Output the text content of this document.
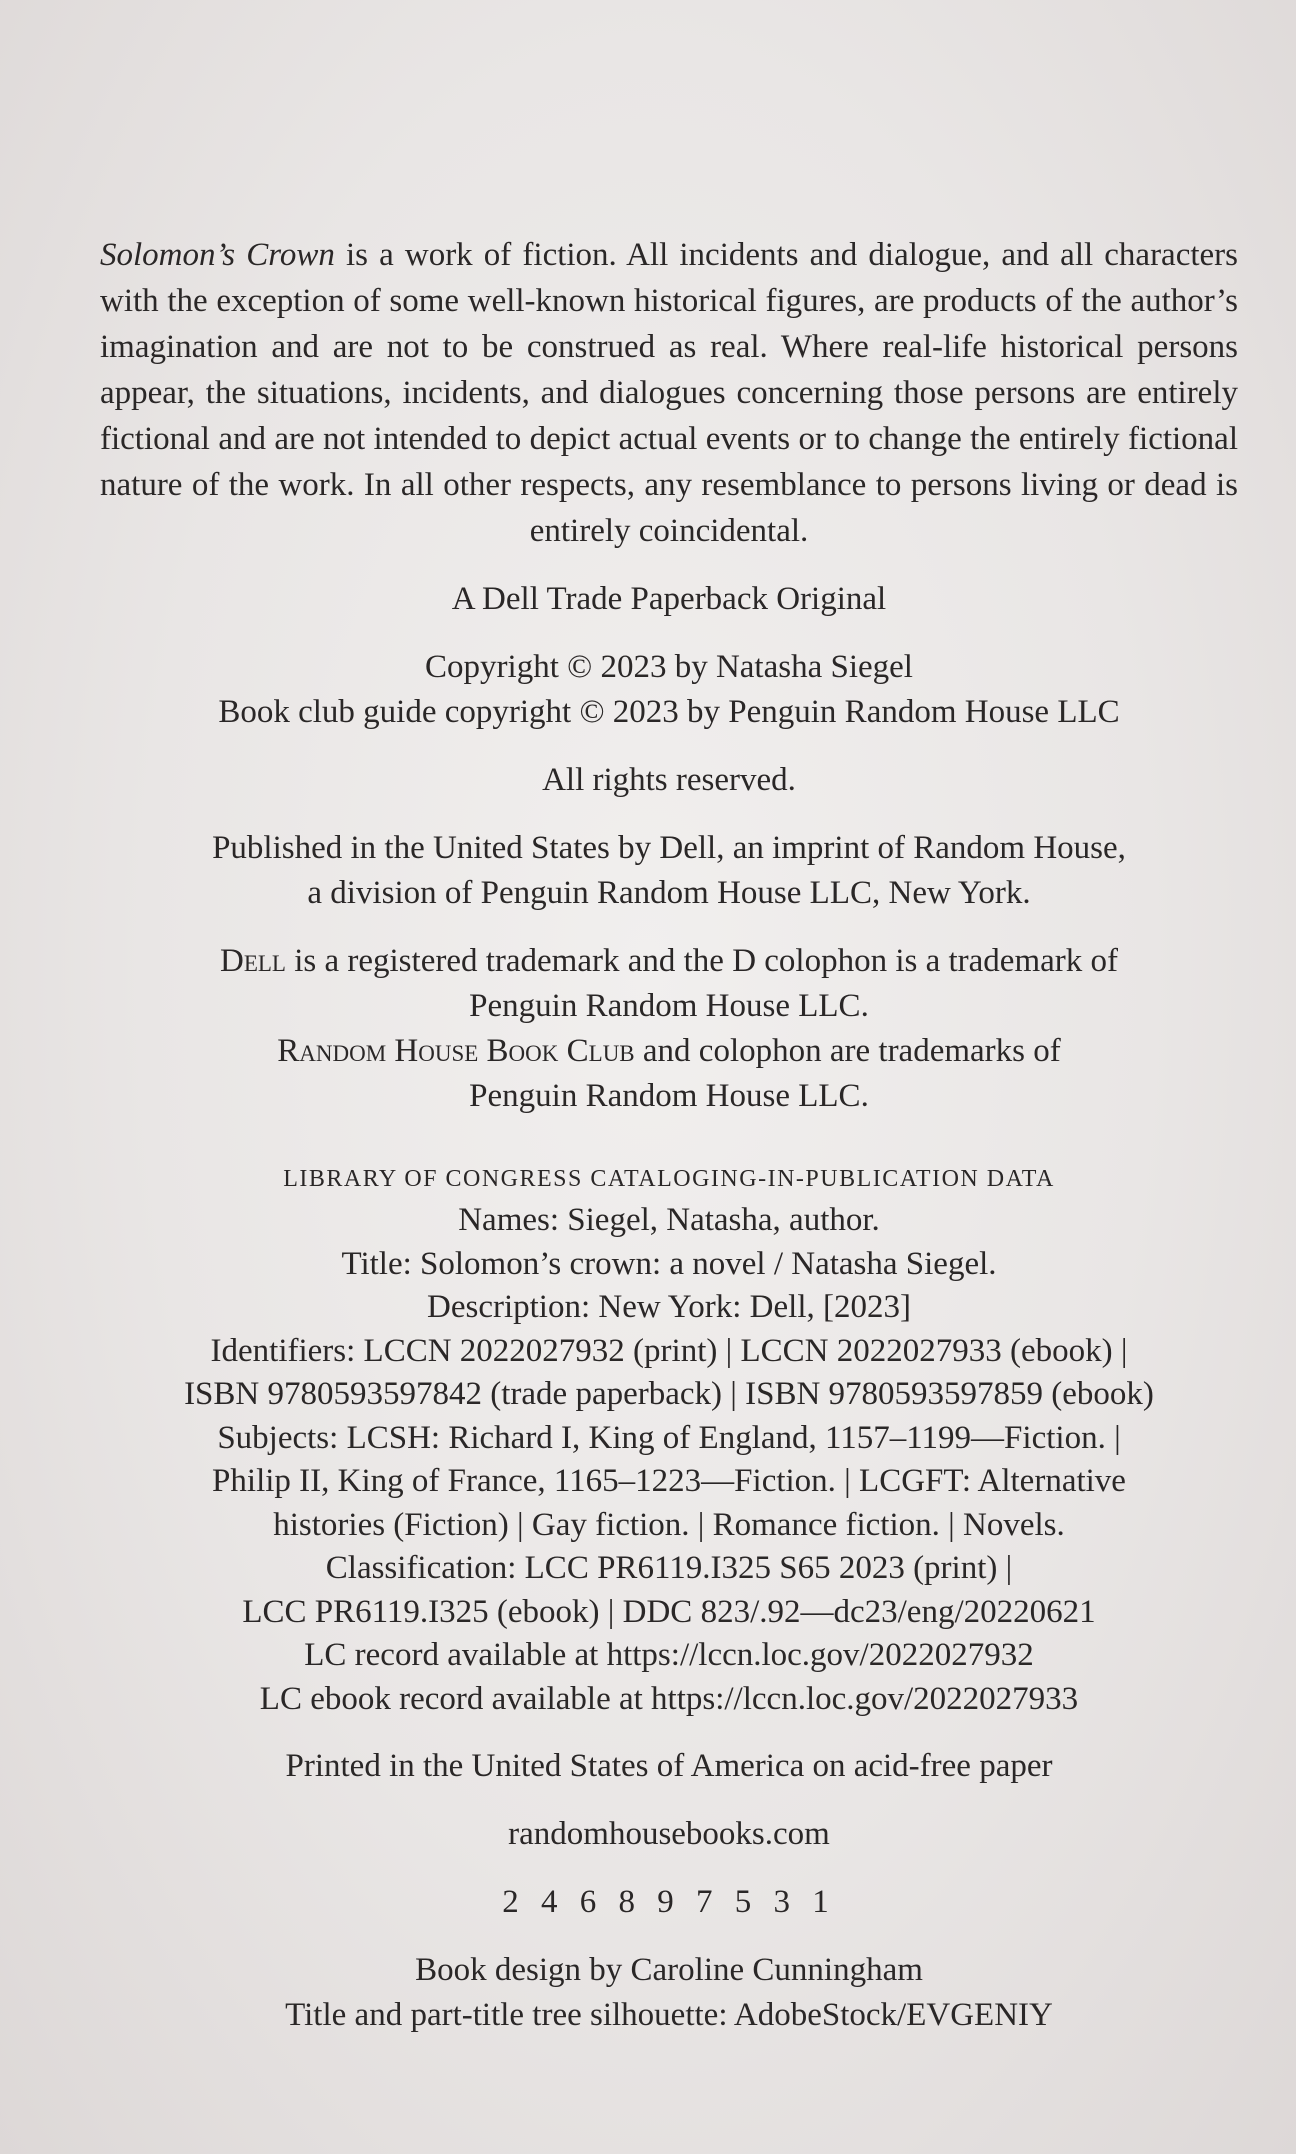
Solomon’s Crown is a work of fiction. All incidents and dialogue, and all characters with the exception of some well-known historical figures, are products of the author’s imagination and are not to be construed as real. Where real-life historical persons appear, the situations, incidents, and dialogues concerning those persons are entirely fictional and are not intended to depict actual events or to change the entirely fictional nature of the work. In all other respects, any resemblance to persons living or dead is entirely coincidental.

A Dell Trade Paperback Original

Copyright © 2023 by Natasha Siegel

Book club guide copyright © 2023 by Penguin Random House LLC

All rights reserved.

Published in the United States by Dell, an imprint of Random House,

a division of Penguin Random House LLC, New York.

Dell is a registered trademark and the D colophon is a trademark of

Penguin Random House LLC.

Random House Book Club and colophon are trademarks of

Penguin Random House LLC.

LIBRARY OF CONGRESS CATALOGING-IN-PUBLICATION DATA

Names: Siegel, Natasha, author.

Title: Solomon’s crown: a novel / Natasha Siegel.

Description: New York: Dell, [2023]

Identifiers: LCCN 2022027932 (print) | LCCN 2022027933 (ebook) |

ISBN 9780593597842 (trade paperback) | ISBN 9780593597859 (ebook)

Subjects: LCSH: Richard I, King of England, 1157–1199—Fiction. |

Philip II, King of France, 1165–1223—Fiction. | LCGFT: Alternative

histories (Fiction) | Gay fiction. | Romance fiction. | Novels.

Classification: LCC PR6119.I325 S65 2023 (print) |

LCC PR6119.I325 (ebook) | DDC 823/.92—dc23/eng/20220621

LC record available at https://lccn.loc.gov/2022027932

LC ebook record available at https://lccn.loc.gov/2022027933

Printed in the United States of America on acid-free paper

randomhousebooks.com

2 4 6 8 9 7 5 3 1

Book design by Caroline Cunningham

Title and part-title tree silhouette: AdobeStock/EVGENIY
